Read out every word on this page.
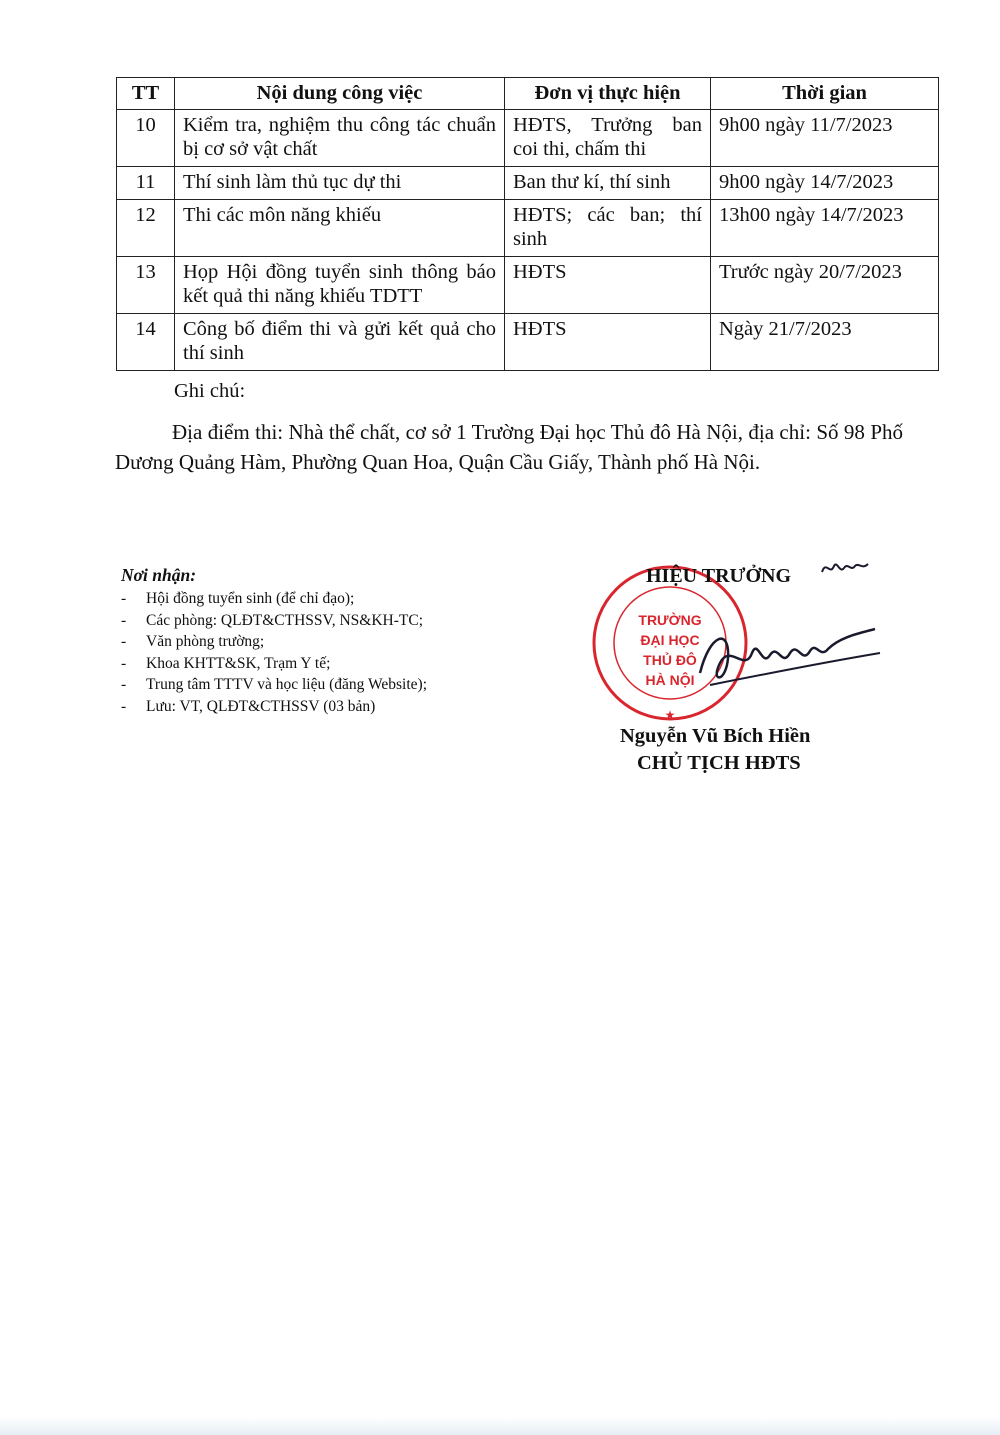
TT	Nội dung công việc	Đơn vị thực hiện	Thời gian
10	Kiểm tra, nghiệm thu công tác chuẩn bị cơ sở vật chất	HĐTS, Trưởng ban coi thi, chấm thi	9h00 ngày 11/7/2023
11	Thí sinh làm thủ tục dự thi	Ban thư kí, thí sinh	9h00 ngày 14/7/2023
12	Thi các môn năng khiếu	HĐTS; các ban; thí sinh	13h00 ngày 14/7/2023
13	Họp Hội đồng tuyển sinh thông báo kết quả thi năng khiếu TDTT	HĐTS	Trước ngày 20/7/2023
14	Công bố điểm thi và gửi kết quả cho thí sinh	HĐTS	Ngày 21/7/2023
Ghi chú:
Địa điểm thi: Nhà thể chất, cơ sở 1 Trường Đại học Thủ đô Hà Nội, địa chỉ: Số 98 Phố Dương Quảng Hàm, Phường Quan Hoa, Quận Cầu Giấy, Thành phố Hà Nội.
Nơi nhận:
- Hội đồng tuyển sinh (để chỉ đạo);
- Các phòng: QLĐT&CTHSSV, NS&KH-TC;
- Văn phòng trường;
- Khoa KHTT&SK, Trạm Y tế;
- Trung tâm TTTV và học liệu (đăng Website);
- Lưu: VT, QLĐT&CTHSSV (03 bản)
TRƯỜNG
ĐẠI HỌC
THỦ ĐÔ
HÀ NỘI
★
HIỆU TRƯỞNG
Nguyễn Vũ Bích Hiền
CHỦ TỊCH HĐTS
